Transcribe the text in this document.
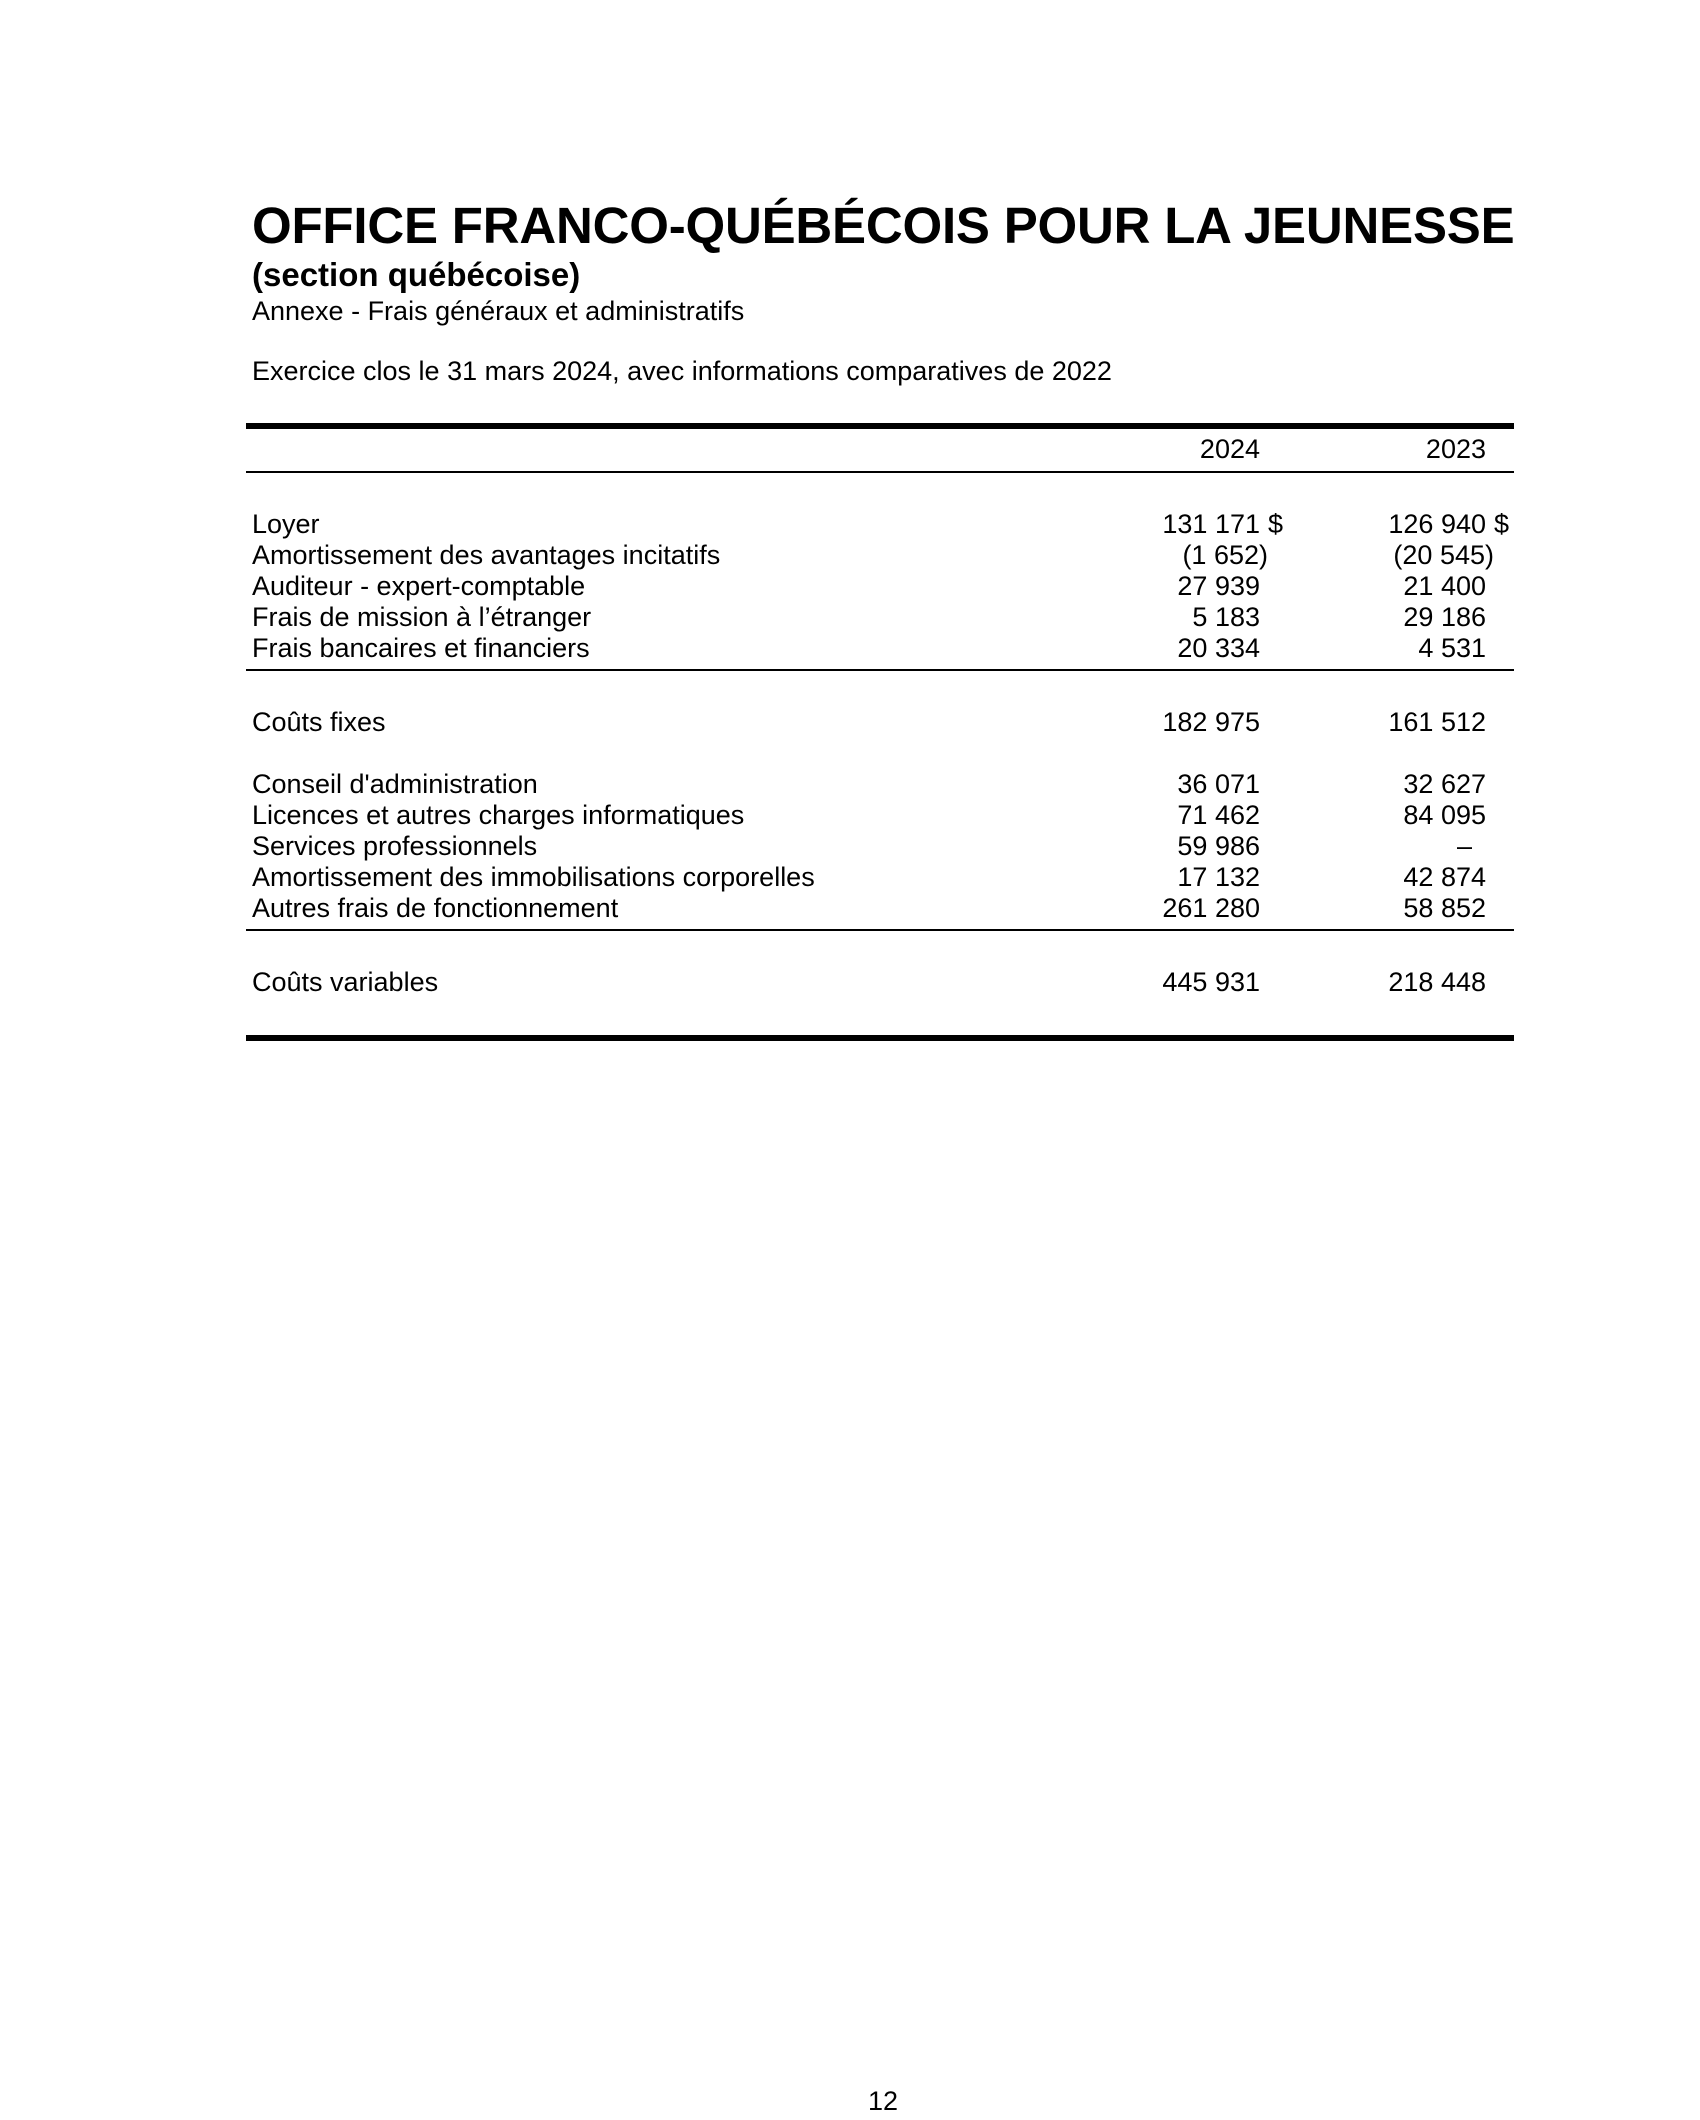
OFFICE FRANCO-QUÉBÉCOIS POUR LA JEUNESSE
(section québécoise)
Annexe - Frais généraux et administratifs
Exercice clos le 31 mars 2024, avec informations comparatives de 2022
2024	2023
Loyer	131 171 $	126 940 $
Amortissement des avantages incitatifs	(1 652)	(20 545)
Auditeur - expert-comptable	27 939	21 400
Frais de mission à l’étranger	5 183	29 186
Frais bancaires et financiers	20 334	4 531
Coûts fixes	182 975	161 512
Conseil d'administration	36 071	32 627
Licences et autres charges informatiques	71 462	84 095
Services professionnels	59 986	–
Amortissement des immobilisations corporelles	17 132	42 874
Autres frais de fonctionnement	261 280	58 852
Coûts variables	445 931	218 448
12
